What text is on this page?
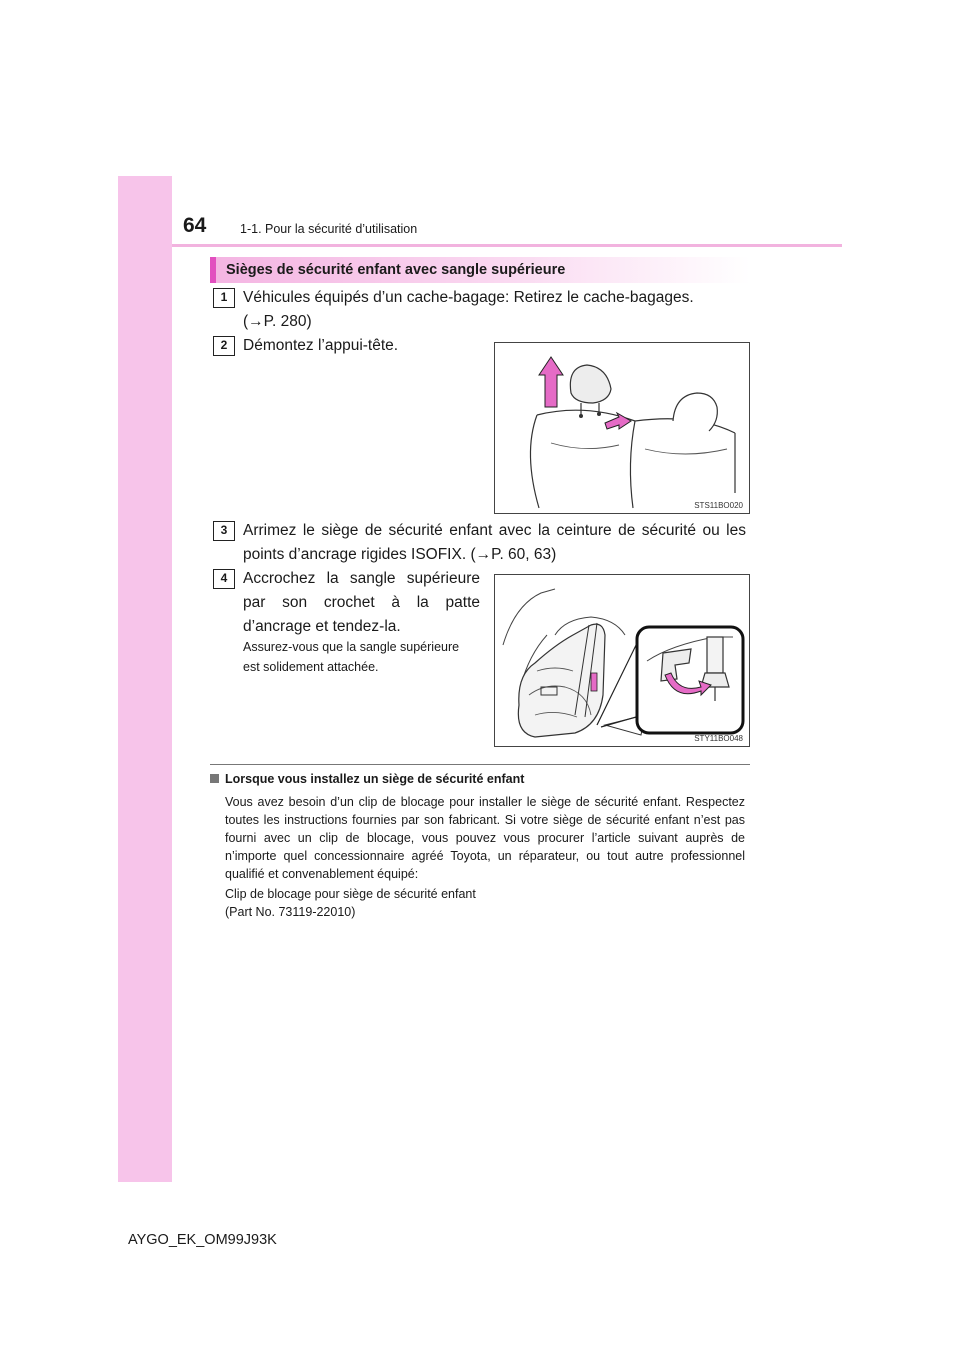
64	1-1. Pour la sécurité d’utilisation
Sièges de sécurité enfant avec sangle supérieure
1	Véhicules équipés d’un cache-bagage: Retirez le cache-bagages.
(→P. 280)
2	Démontez l’appui-tête.
STS11BO020
3	Arrimez le siège de sécurité enfant avec la ceinture de sécurité ou les
points d’ancrage rigides ISOFIX. (→P. 60, 63)
4	Accrochez la sangle supérieure
par son crochet à la patte
d’ancrage et tendez-la.
Assurez-vous que la sangle supérieure
est solidement attachée.
STY11BO048
Lorsque vous installez un siège de sécurité enfant
Vous avez besoin d’un clip de blocage pour installer le siège de sécurité enfant. Respectez toutes les instructions fournies par son fabricant. Si votre siège de sécurité enfant n’est pas fourni avec un clip de blocage, vous pouvez vous procurer l’article suivant auprès de n’importe quel concessionnaire agréé Toyota, un réparateur, ou tout autre professionnel qualifié et convenablement équipé:
Clip de blocage pour siège de sécurité enfant
(Part No. 73119-22010)
AYGO_EK_OM99J93K
